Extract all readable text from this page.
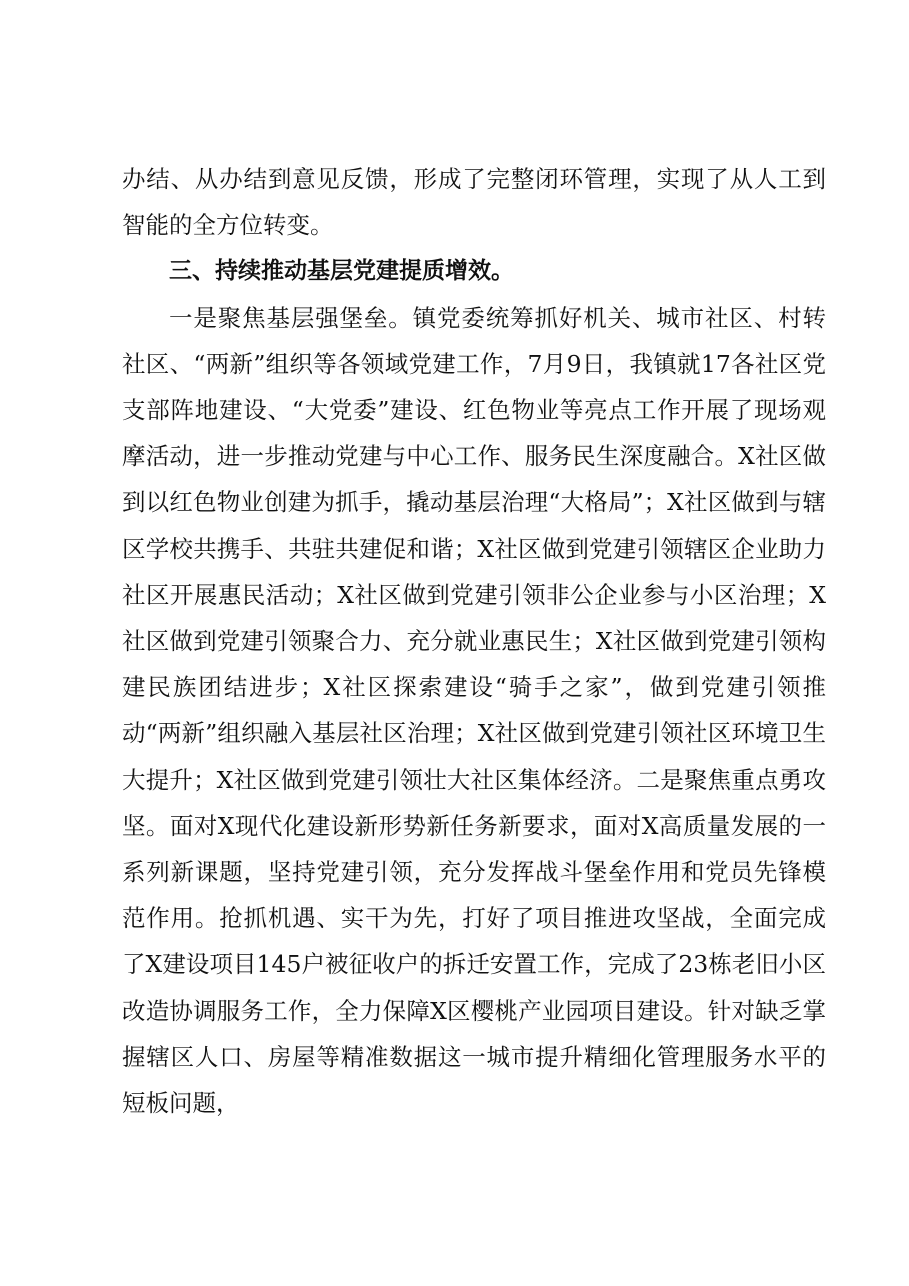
办结、从办结到意见反馈，形成了完整闭环管理，实现了从人工到智能的全方位转变。

三、持续推动基层党建提质增效。

一是聚焦基层强堡垒。镇党委统筹抓好机关、城市社区、村转社区、“两新”组织等各领域党建工作，7月9日，我镇就17各社区党支部阵地建设、“大党委”建设、红色物业等亮点工作开展了现场观摩活动，进一步推动党建与中心工作、服务民生深度融合。X社区做到以红色物业创建为抓手，撬动基层治理“大格局”；X社区做到与辖区学校共携手、共驻共建促和谐；X社区做到党建引领辖区企业助力社区开展惠民活动；X社区做到党建引领非公企业参与小区治理；X社区做到党建引领聚合力、充分就业惠民生；X社区做到党建引领构建民族团结进步；X社区探索建设“骑手之家”，做到党建引领推动“两新”组织融入基层社区治理；X社区做到党建引领社区环境卫生大提升；X社区做到党建引领壮大社区集体经济。二是聚焦重点勇攻坚。面对X现代化建设新形势新任务新要求，面对X高质量发展的一系列新课题，坚持党建引领，充分发挥战斗堡垒作用和党员先锋模范作用。抢抓机遇、实干为先，打好了项目推进攻坚战，全面完成了X建设项目145户被征收户的拆迁安置工作，完成了23栋老旧小区改造协调服务工作，全力保障X区樱桃产业园项目建设。针对缺乏掌握辖区人口、房屋等精准数据这一城市提升精细化管理服务水平的短板问题，
